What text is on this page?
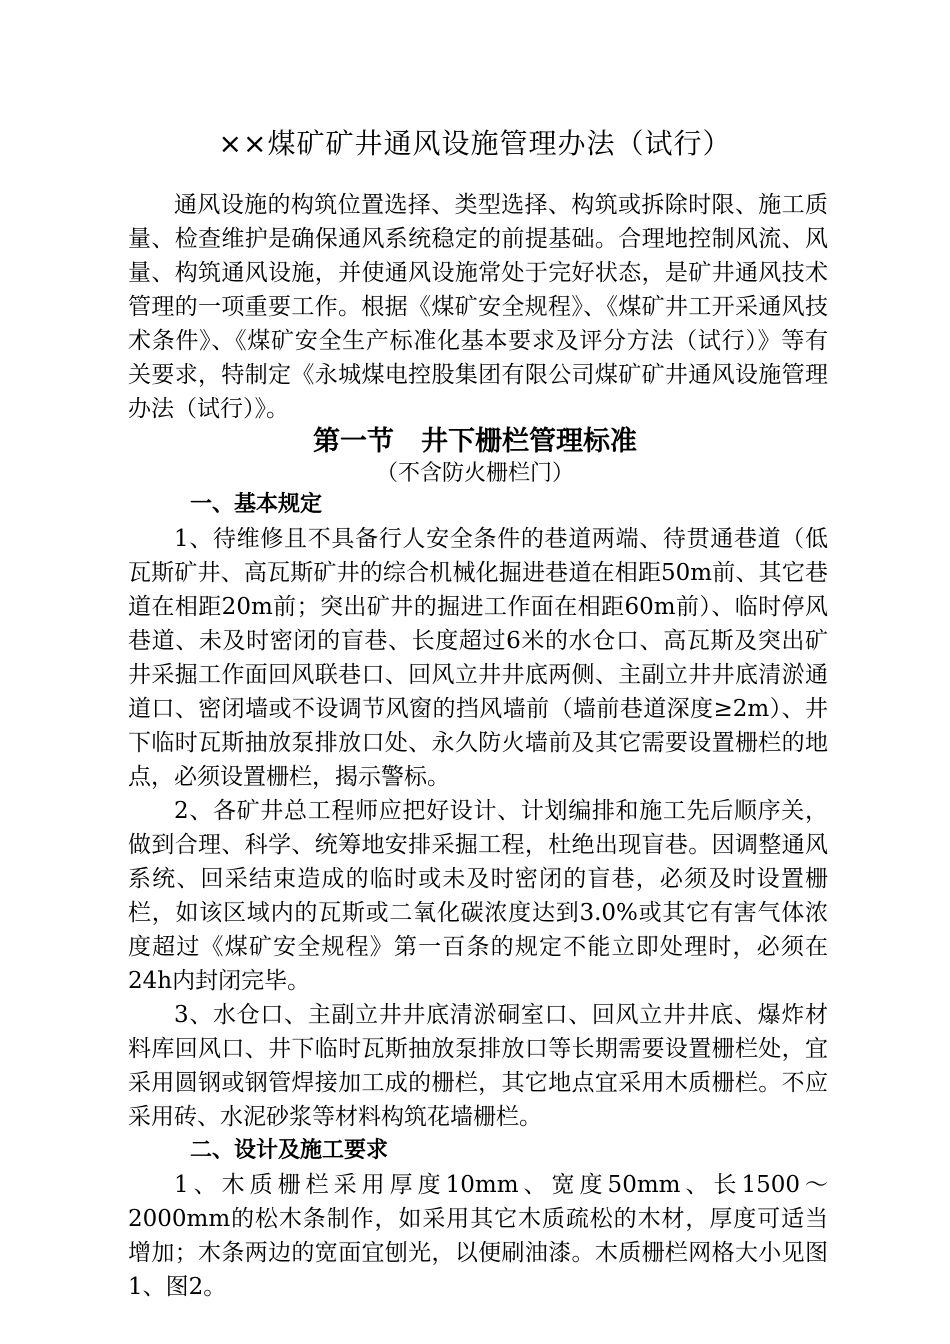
××煤矿矿井通风设施管理办法（试行）

通风设施的构筑位置选择、类型选择、构筑或拆除时限、施工质量、检查维护是确保通风系统稳定的前提基础。合理地控制风流、风量、构筑通风设施，并使通风设施常处于完好状态，是矿井通风技术管理的一项重要工作。根据《煤矿安全规程》、《煤矿井工开采通风技术条件》、《煤矿安全生产标准化基本要求及评分方法（试行）》等有关要求，特制定《永城煤电控股集团有限公司煤矿矿井通风设施管理办法（试行）》。

第一节　井下栅栏管理标准
（不含防火栅栏门）

一、基本规定

1、待维修且不具备行人安全条件的巷道两端、待贯通巷道（低瓦斯矿井、高瓦斯矿井的综合机械化掘进巷道在相距50m前、其它巷道在相距20m前；突出矿井的掘进工作面在相距60m前）、临时停风巷道、未及时密闭的盲巷、长度超过6米的水仓口、高瓦斯及突出矿井采掘工作面回风联巷口、回风立井井底两侧、主副立井井底清淤通道口、密闭墙或不设调节风窗的挡风墙前（墙前巷道深度≥2m）、井下临时瓦斯抽放泵排放口处、永久防火墙前及其它需要设置栅栏的地点，必须设置栅栏，揭示警标。

2、各矿井总工程师应把好设计、计划编排和施工先后顺序关，做到合理、科学、统筹地安排采掘工程，杜绝出现盲巷。因调整通风系统、回采结束造成的临时或未及时密闭的盲巷，必须及时设置栅栏，如该区域内的瓦斯或二氧化碳浓度达到3.0%或其它有害气体浓度超过《煤矿安全规程》第一百条的规定不能立即处理时，必须在24h内封闭完毕。

3、水仓口、主副立井井底清淤硐室口、回风立井井底、爆炸材料库回风口、井下临时瓦斯抽放泵排放口等长期需要设置栅栏处，宜采用圆钢或钢管焊接加工成的栅栏，其它地点宜采用木质栅栏。不应采用砖、水泥砂浆等材料构筑花墙栅栏。

二、设计及施工要求

1、木质栅栏采用厚度10mm、宽度50mm、长1500～2000mm的松木条制作，如采用其它木质疏松的木材，厚度可适当增加；木条两边的宽面宜刨光，以便刷油漆。木质栅栏网格大小见图1、图2。
